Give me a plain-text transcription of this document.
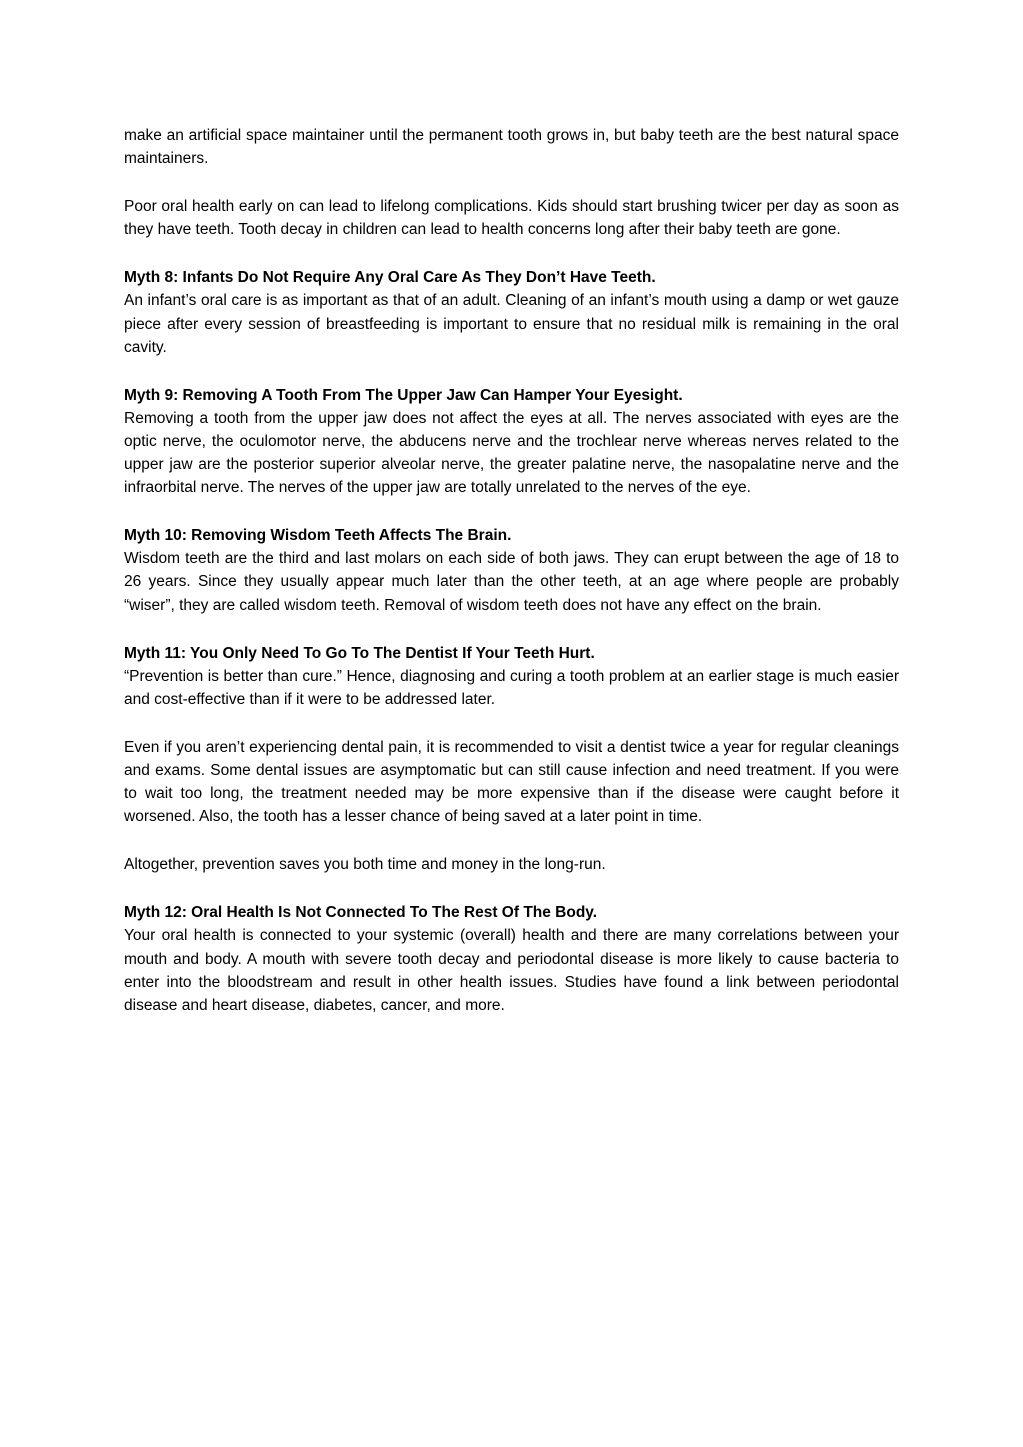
make an artificial space maintainer until the permanent tooth grows in, but baby teeth are the best natural space maintainers.

Poor oral health early on can lead to lifelong complications. Kids should start brushing twicer per day as soon as they have teeth. Tooth decay in children can lead to health concerns long after their baby teeth are gone.

Myth 8: Infants Do Not Require Any Oral Care As They Don’t Have Teeth.
An infant’s oral care is as important as that of an adult. Cleaning of an infant’s mouth using a damp or wet gauze piece after every session of breastfeeding is important to ensure that no residual milk is remaining in the oral cavity.
Myth 9: Removing A Tooth From The Upper Jaw Can Hamper Your Eyesight.
Removing a tooth from the upper jaw does not affect the eyes at all. The nerves associated with eyes are the optic nerve, the oculomotor nerve, the abducens nerve and the trochlear nerve whereas nerves related to the upper jaw are the posterior superior alveolar nerve, the greater palatine nerve, the nasopalatine nerve and the infraorbital nerve. The nerves of the upper jaw are totally unrelated to the nerves of the eye.
Myth 10: Removing Wisdom Teeth Affects The Brain.
Wisdom teeth are the third and last molars on each side of both jaws. They can erupt between the age of 18 to 26 years. Since they usually appear much later than the other teeth, at an age where people are probably “wiser”, they are called wisdom teeth. Removal of wisdom teeth does not have any effect on the brain.
Myth 11: You Only Need To Go To The Dentist If Your Teeth Hurt.
“Prevention is better than cure.” Hence, diagnosing and curing a tooth problem at an earlier stage is much easier and cost-effective than if it were to be addressed later.

Even if you aren’t experiencing dental pain, it is recommended to visit a dentist twice a year for regular cleanings and exams. Some dental issues are asymptomatic but can still cause infection and need treatment. If you were to wait too long, the treatment needed may be more expensive than if the disease were caught before it worsened. Also, the tooth has a lesser chance of being saved at a later point in time.

Altogether, prevention saves you both time and money in the long-run.

Myth 12: Oral Health Is Not Connected To The Rest Of The Body.
Your oral health is connected to your systemic (overall) health and there are many correlations between your mouth and body. A mouth with severe tooth decay and periodontal disease is more likely to cause bacteria to enter into the bloodstream and result in other health issues. Studies have found a link between periodontal disease and heart disease, diabetes, cancer, and more.
